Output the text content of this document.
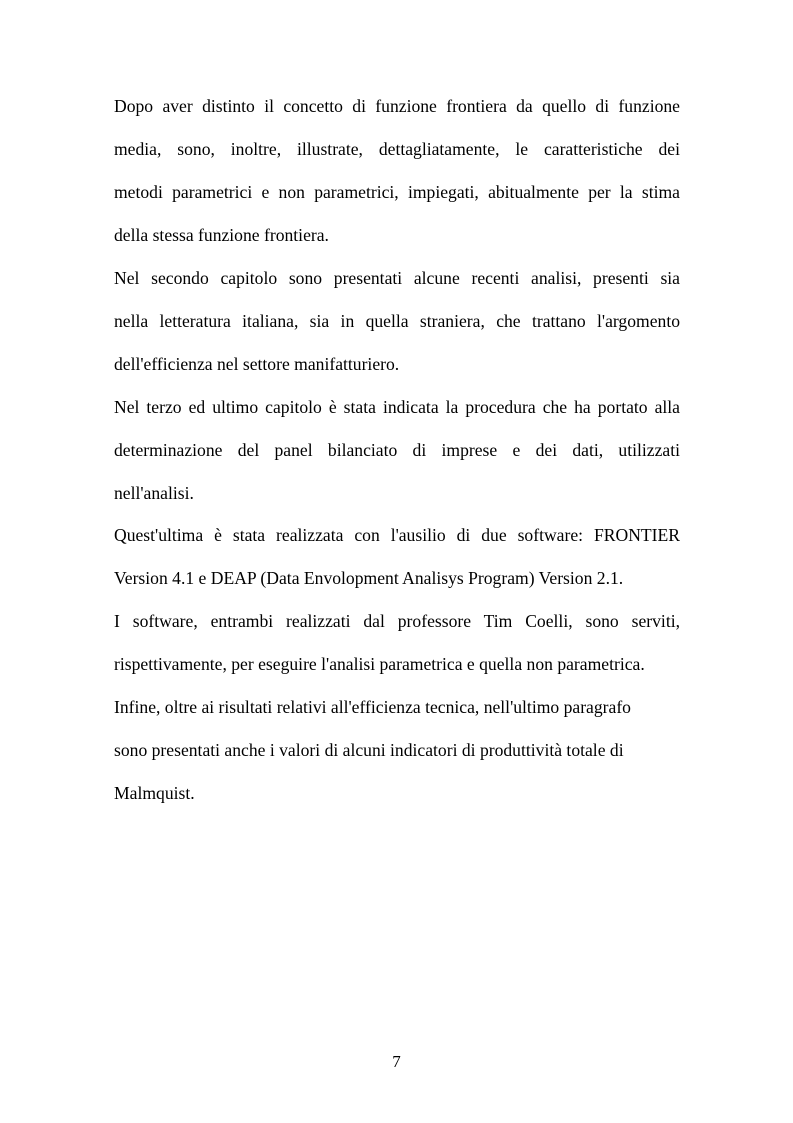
Dopo aver distinto il concetto di funzione frontiera da quello di funzione
media, sono, inoltre, illustrate, dettagliatamente, le caratteristiche dei
metodi parametrici e non parametrici, impiegati, abitualmente per la stima
della stessa funzione frontiera.
Nel secondo capitolo sono presentati alcune recenti analisi, presenti sia
nella letteratura italiana, sia in quella straniera, che trattano l'argomento
dell'efficienza nel settore manifatturiero.
Nel terzo ed ultimo capitolo è stata indicata la procedura che ha portato alla
determinazione del panel bilanciato di imprese e dei dati, utilizzati
nell'analisi.
Quest'ultima è stata realizzata con l'ausilio di due software: FRONTIER
Version 4.1 e DEAP (Data Envolopment Analisys Program) Version 2.1.
I software, entrambi realizzati dal professore Tim Coelli, sono serviti,
rispettivamente, per eseguire l'analisi parametrica e quella non parametrica.
Infine, oltre ai risultati relativi all'efficienza tecnica, nell'ultimo paragrafo
sono presentati anche i valori di alcuni indicatori di produttività totale di
Malmquist.
7
